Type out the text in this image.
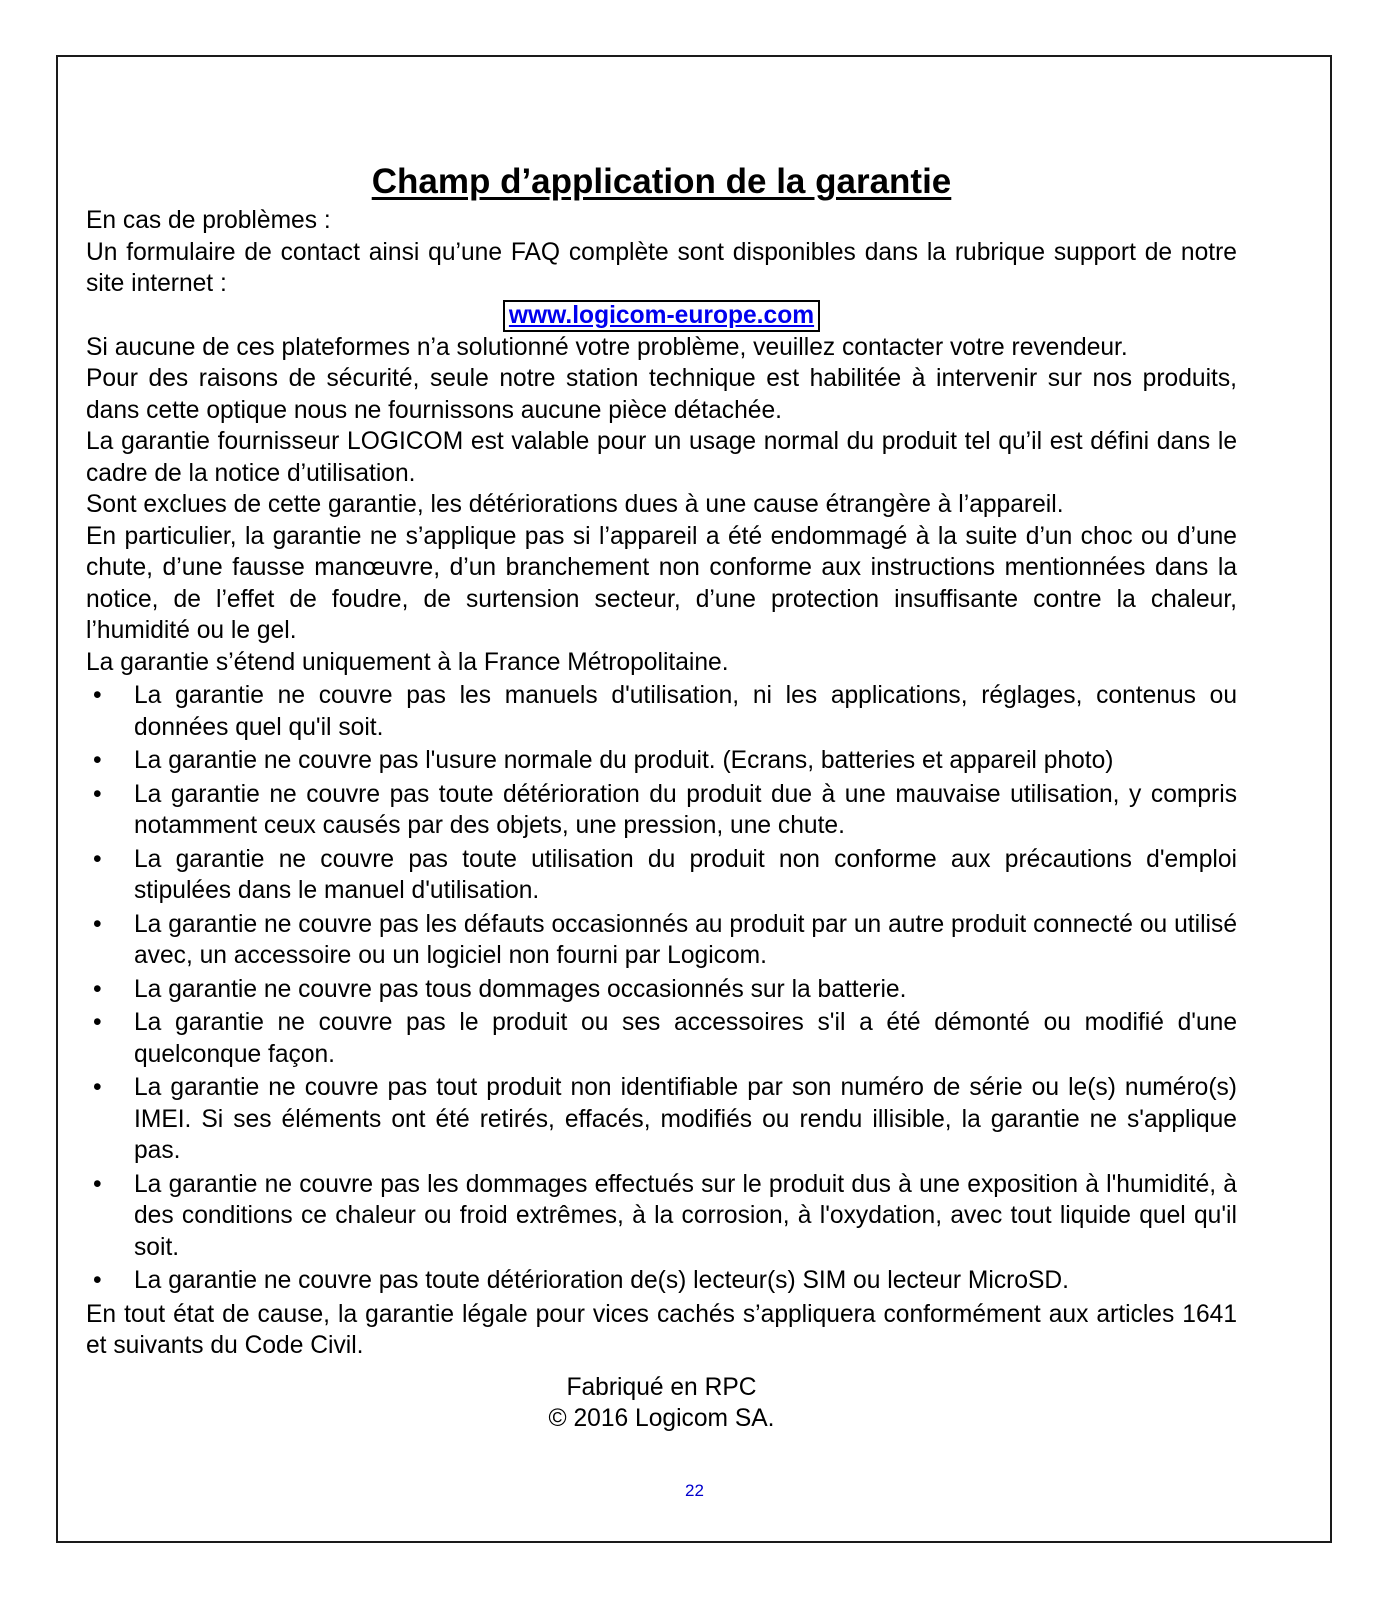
Champ d’application de la garantie

En cas de problèmes :

Un formulaire de contact ainsi qu’une FAQ complète sont disponibles dans la rubrique support de notre site internet :

www.logicom-europe.com

Si aucune de ces plateformes n’a solutionné votre problème, veuillez contacter votre revendeur.

Pour des raisons de sécurité, seule notre station technique est habilitée à intervenir sur nos produits, dans cette optique nous ne fournissons aucune pièce détachée.

La garantie fournisseur LOGICOM est valable pour un usage normal du produit tel qu’il est défini dans le cadre de la notice d’utilisation.

Sont exclues de cette garantie, les détériorations dues à une cause étrangère à l’appareil.

En particulier, la garantie ne s’applique pas si l’appareil a été endommagé à la suite d’un choc ou d’une chute, d’une fausse manœuvre, d’un branchement non conforme aux instructions mentionnées dans la notice, de l’effet de foudre, de surtension secteur, d’une protection insuffisante contre la chaleur, l’humidité ou le gel.

La garantie s’étend uniquement à la France Métropolitaine.

• La garantie ne couvre pas les manuels d'utilisation, ni les applications, réglages, contenus ou données quel qu'il soit.
• La garantie ne couvre pas l'usure normale du produit. (Ecrans, batteries et appareil photo)
• La garantie ne couvre pas toute détérioration du produit due à une mauvaise utilisation, y compris notamment ceux causés par des objets, une pression, une chute.
• La garantie ne couvre pas toute utilisation du produit non conforme aux précautions d'emploi stipulées dans le manuel d'utilisation.
• La garantie ne couvre pas les défauts occasionnés au produit par un autre produit connecté ou utilisé avec, un accessoire ou un logiciel non fourni par Logicom.
• La garantie ne couvre pas tous dommages occasionnés sur la batterie.
• La garantie ne couvre pas le produit ou ses accessoires s'il a été démonté ou modifié d'une quelconque façon.
• La garantie ne couvre pas tout produit non identifiable par son numéro de série ou le(s) numéro(s) IMEI. Si ses éléments ont été retirés, effacés, modifiés ou rendu illisible, la garantie ne s'applique pas.
• La garantie ne couvre pas les dommages effectués sur le produit dus à une exposition à l'humidité, à des conditions ce chaleur ou froid extrêmes, à la corrosion, à l'oxydation, avec tout liquide quel qu'il soit.
• La garantie ne couvre pas toute détérioration de(s) lecteur(s) SIM ou lecteur MicroSD.

En tout état de cause, la garantie légale pour vices cachés s’appliquera conformément aux articles 1641 et suivants du Code Civil.

Fabriqué en RPC
© 2016 Logicom SA.
22
